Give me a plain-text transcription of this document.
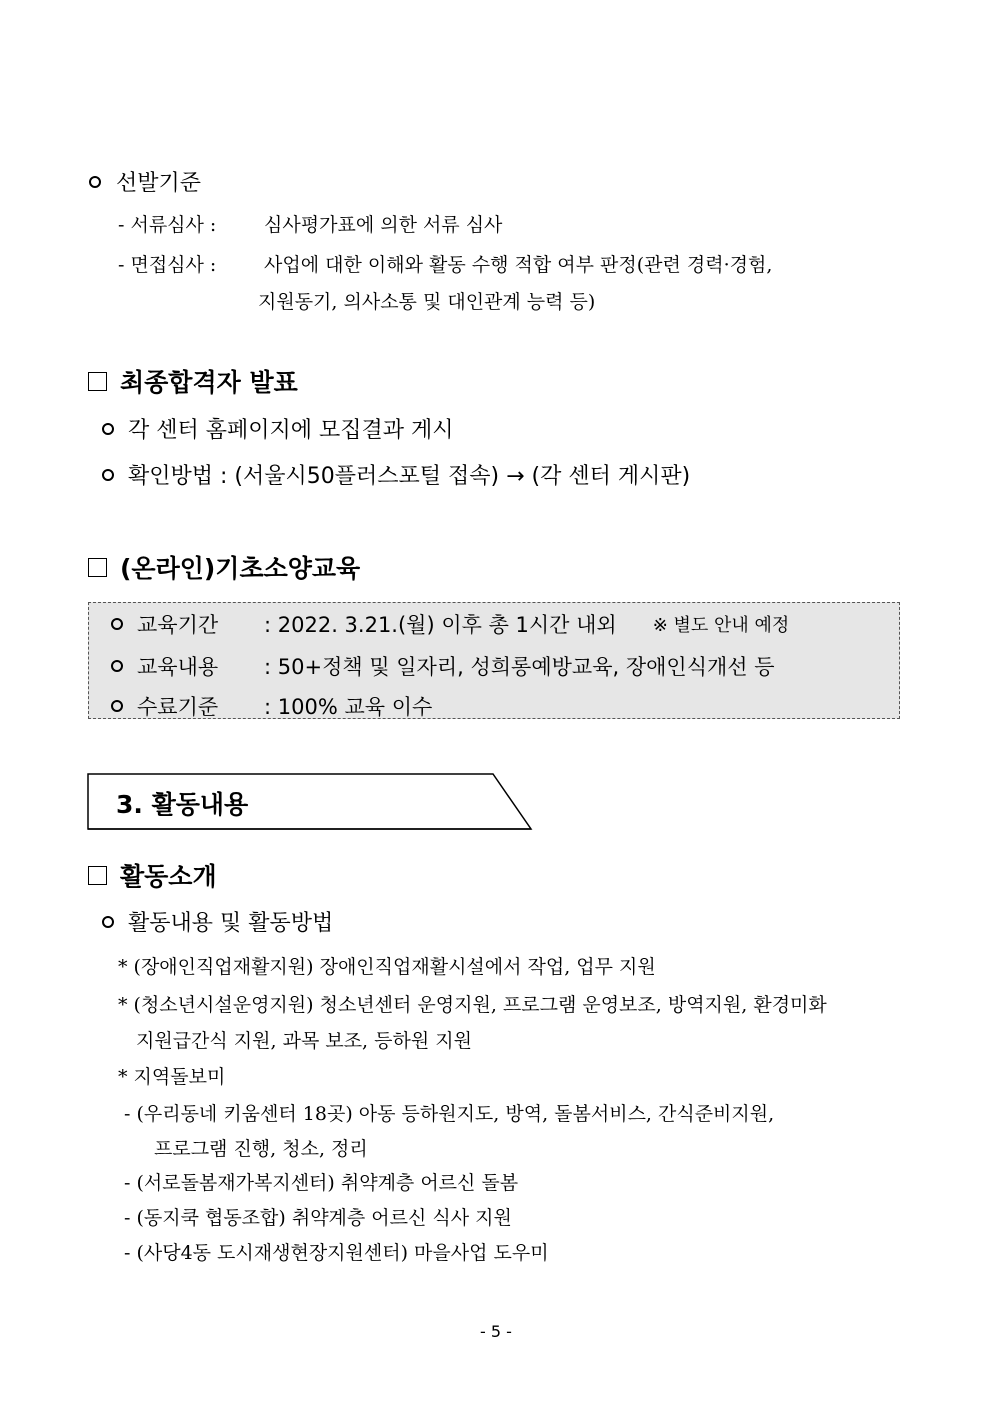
선발기준
- 서류심사 :	심사평가표에 의한 서류 심사
- 면접심사 :	사업에 대한 이해와 활동 수행 적합 여부 판정(관련 경력·경험,
지원동기, 의사소통 및 대인관계 능력 등)
최종합격자 발표
각 센터 홈페이지에 모집결과 게시
확인방법 : (서울시50플러스포털 접속) → (각 센터 게시판)
(온라인)기초소양교육
교육기간	: 2022. 3.21.(월) 이후 총 1시간 내외 ※ 별도 안내 예정
교육내용	: 50+정책 및 일자리, 성희롱예방교육, 장애인식개선 등
수료기준	: 100% 교육 이수
3. 활동내용
활동소개
활동내용 및 활동방법
* (장애인직업재활지원) 장애인직업재활시설에서 작업, 업무 지원
* (청소년시설운영지원) 청소년센터 운영지원, 프로그램 운영보조, 방역지원, 환경미화
지원급간식 지원, 과목 보조, 등하원 지원
* 지역돌보미
- (우리동네 키움센터 18곳) 아동 등하원지도, 방역, 돌봄서비스, 간식준비지원,
프로그램 진행, 청소, 정리
- (서로돌봄재가복지센터) 취약계층 어르신 돌봄
- (동지쿡 협동조합) 취약계층 어르신 식사 지원
- (사당4동 도시재생현장지원센터) 마을사업 도우미
- 5 -
